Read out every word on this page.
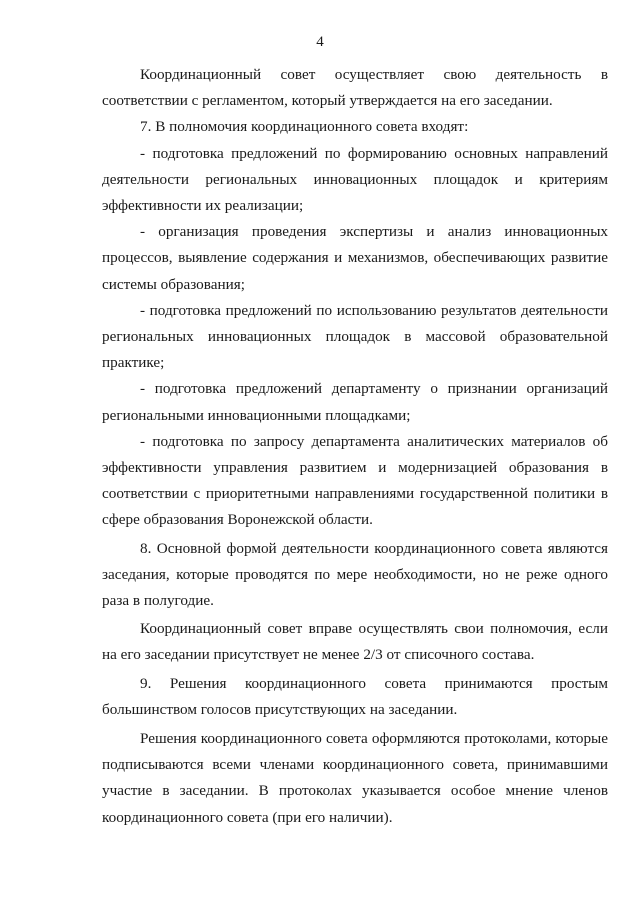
4

Координационный совет осуществляет свою деятельность в соответствии с регламентом, который утверждается на его заседании.

7. В полномочия координационного совета входят:

- подготовка предложений по формированию основных направлений деятельности региональных инновационных площадок и критериям эффективности их реализации;

- организация проведения экспертизы и анализ инновационных процессов, выявление содержания и механизмов, обеспечивающих развитие системы образования;

- подготовка предложений по использованию результатов деятельности региональных инновационных площадок в массовой образовательной практике;

- подготовка предложений департаменту о признании организаций региональными инновационными площадками;

- подготовка по запросу департамента аналитических материалов об эффективности управления развитием и модернизацией образования в соответствии с приоритетными направлениями государственной политики в сфере образования Воронежской области.

8. Основной формой деятельности координационного совета являются заседания, которые проводятся по мере необходимости, но не реже одного раза в полугодие.

Координационный совет вправе осуществлять свои полномочия, если на его заседании присутствует не менее 2/3 от списочного состава.

9. Решения координационного совета принимаются простым большинством голосов присутствующих на заседании.

Решения координационного совета оформляются протоколами, которые подписываются всеми членами координационного совета, принимавшими участие в заседании. В протоколах указывается особое мнение членов координационного совета (при его наличии).
